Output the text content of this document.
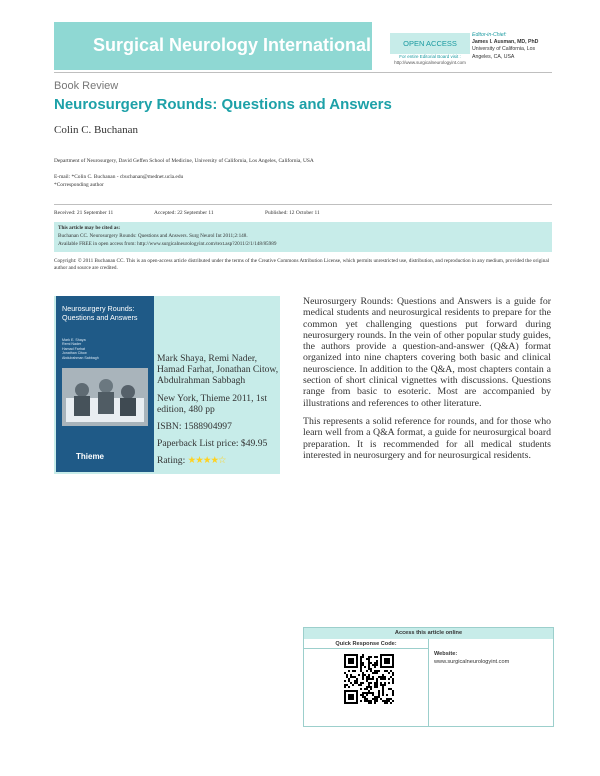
Surgical Neurology International	OPEN ACCESS
For entire Editorial Board visit :
http://www.surgicalneurologyint.com
Editor-in-Chief:
James I. Ausman, MD, PhD
University of California, Los
Angeles, CA, USA
Book Review
Neurosurgery Rounds: Questions and Answers
Colin C. Buchanan
Department of Neurosurgery, David Geffen School of Medicine, University of California, Los Angeles, California, USA
E-mail: *Colin C. Buchanan - cbuchanan@mednet.ucla.edu
*Corresponding author
Received: 21 September 11	Accepted: 22 September 11	Published: 12 October 11
This article may be cited as:
Buchanan CC. Neurosurgery Rounds: Questions and Answers. Surg Neurol Int 2011;2:148.
Available FREE in open access from: http://www.surgicalneurologyint.com/text.asp?2011/2/1/148/85989
Copyright: © 2011 Buchanan CC. This is an open-access article distributed under the terms of the Creative Commons Attribution License, which permits unrestricted use, distribution, and reproduction in any medium, provided the original author and source are credited.
Neurosurgery Rounds: Questions and Answers
Mark E. Shaya
Remi Nader
Hamad Farhat
Jonathan Citow
Abdulrahman Sabbagh
Thieme

Mark Shaya, Remi Nader, Hamad Farhat, Jonathan Citow, Abdulrahman Sabbagh

New York, Thieme 2011, 1st edition, 480 pp

ISBN: 1588904997

Paperback List price: $49.95

Rating: ★★★★☆

Neurosurgery Rounds: Questions and Answers is a guide for medical students and neurosurgical residents to prepare for the common yet challenging questions put forward during neurosurgery rounds. In the vein of other popular study guides, the authors provide a question-and-answer (Q&A) format organized into nine chapters covering both basic and clinical neuroscience. In addition to the Q&A, most chapters contain a section of short clinical vignettes with discussions. Questions range from basic to esoteric. Most are accompanied by illustrations and references to other literature.

This represents a solid reference for rounds, and for those who learn well from a Q&A format, a guide for neurosurgical board preparation. It is recommended for all medical students interested in neurosurgery and for neurosurgical residents.

Access this article online
Quick Response Code:
Website:
www.surgicalneurologyint.com
